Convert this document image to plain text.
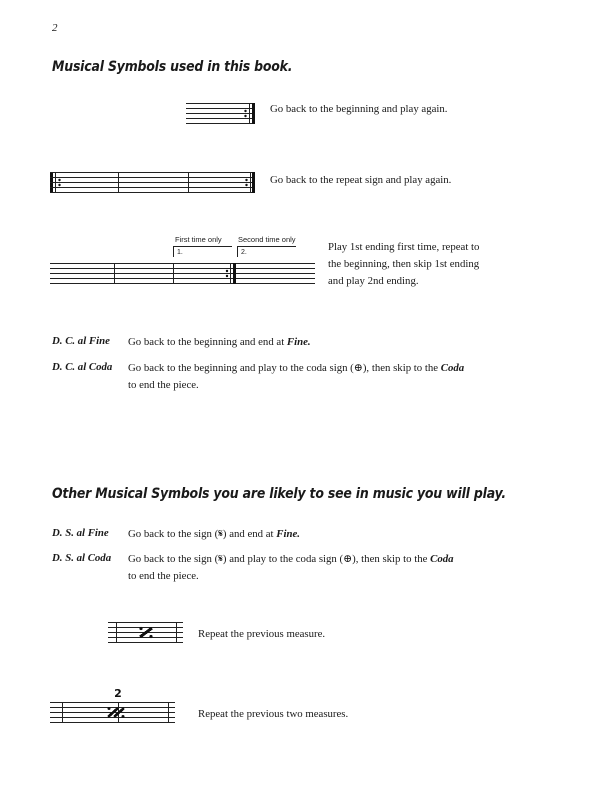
2
Musical Symbols used in this book.
Go back to the beginning and play again.
Go back to the repeat sign and play again.
First time only Second time only
1.	2.	Play 1st ending first time, repeat to
the beginning, then skip 1st ending
and play 2nd ending.
D. C. al Fine Go back to the beginning and end at Fine.
D. C. al Coda Go back to the beginning and play to the coda sign (⊕), then skip to the Coda
to end the piece.
Other Musical Symbols you are likely to see in music you will play.
D. S. al Fine Go back to the sign (𝄋) and end at Fine.
D. S. al Coda Go back to the sign (𝄋) and play to the coda sign (⊕), then skip to the Coda
to end the piece.
Repeat the previous measure.
2
Repeat the previous two measures.
